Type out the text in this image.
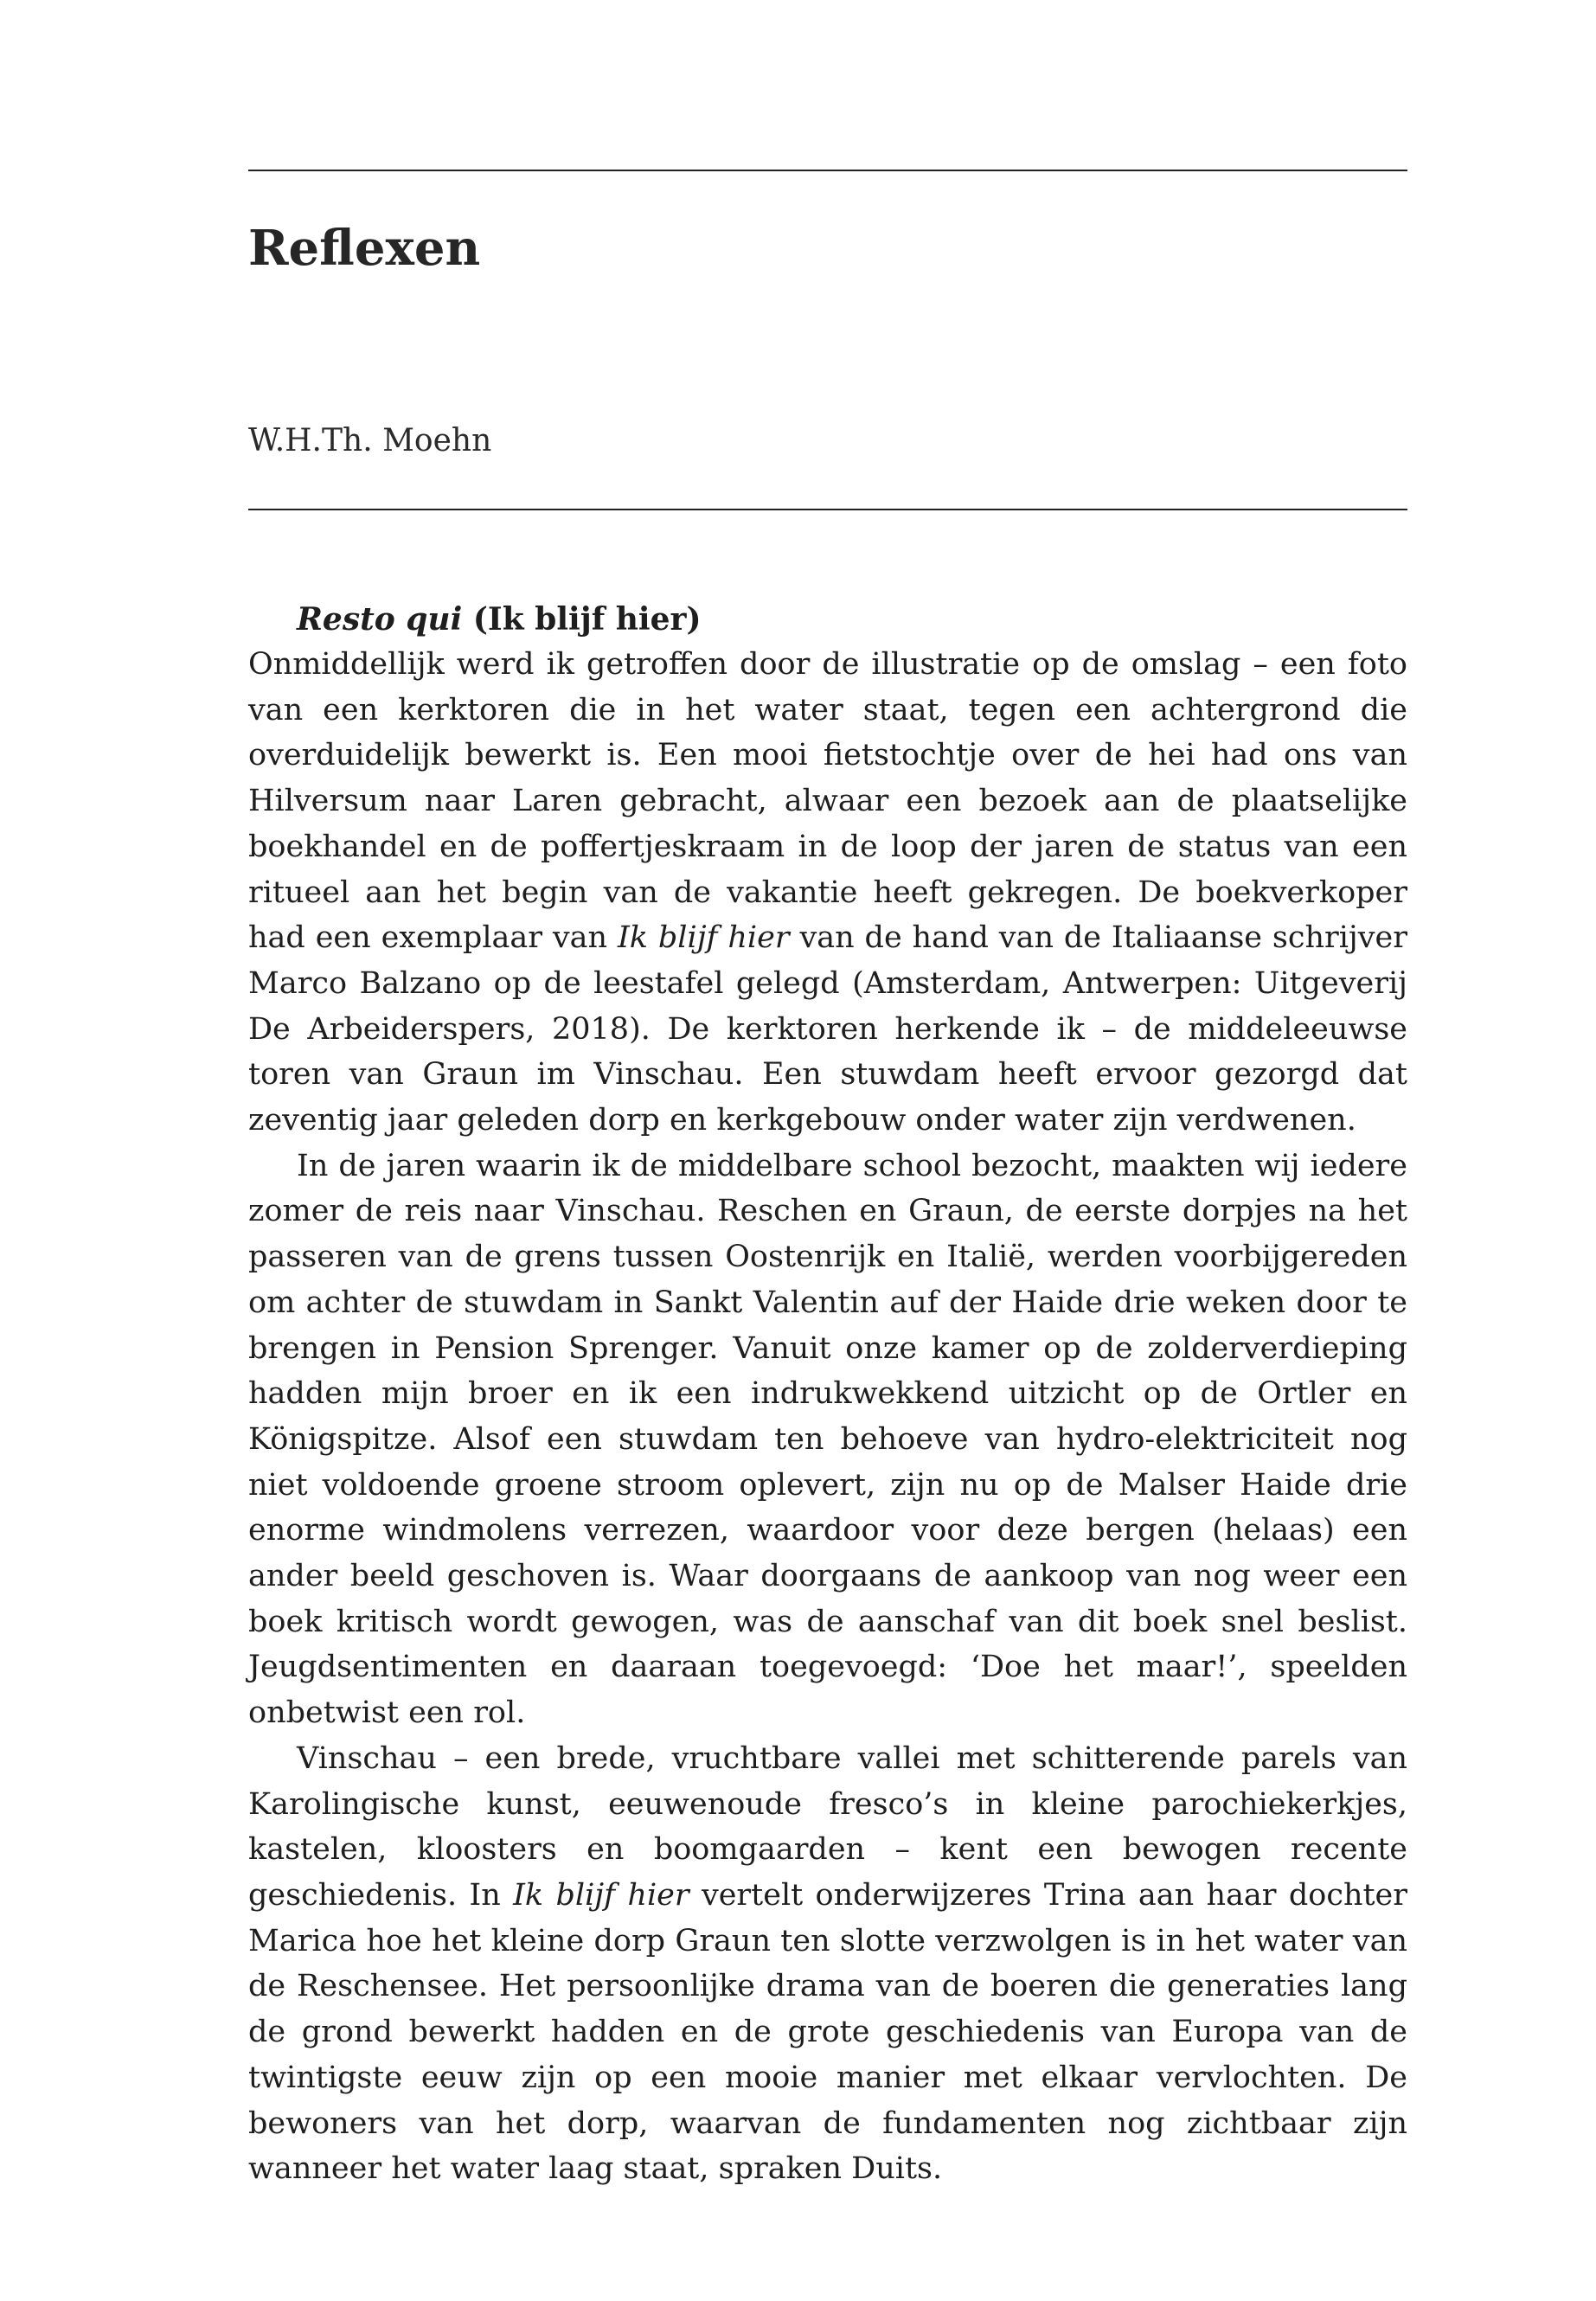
Reflexen
W.H.Th. Moehn
Resto qui (Ik blijf hier)

Onmiddellijk werd ik getroffen door de illustratie op de omslag – een foto van een kerktoren die in het water staat, tegen een achtergrond die overduidelijk bewerkt is. Een mooi fietstochtje over de hei had ons van Hilversum naar Laren gebracht, alwaar een bezoek aan de plaatselijke boekhandel en de poffertjeskraam in de loop der jaren de status van een ritueel aan het begin van de vakantie heeft gekregen. De boekverkoper had een exemplaar van Ik blijf hier van de hand van de Italiaanse schrijver Marco Balzano op de leestafel gelegd (Amsterdam, Antwerpen: Uitgeverij De Arbeiderspers, 2018). De kerktoren herkende ik – de middeleeuwse toren van Graun im Vinschau. Een stuwdam heeft ervoor gezorgd dat zeventig jaar geleden dorp en kerkgebouw onder water zijn verdwenen.

In de jaren waarin ik de middelbare school bezocht, maakten wij iedere zomer de reis naar Vinschau. Reschen en Graun, de eerste dorpjes na het passeren van de grens tussen Oostenrijk en Italië, werden voorbijgereden om achter de stuwdam in Sankt Valentin auf der Haide drie weken door te brengen in Pension Sprenger. Vanuit onze kamer op de zolderverdieping hadden mijn broer en ik een indrukwekkend uitzicht op de Ortler en Königspitze. Alsof een stuwdam ten behoeve van hydro-elektriciteit nog niet voldoende groene stroom oplevert, zijn nu op de Malser Haide drie enorme windmolens verrezen, waardoor voor deze bergen (helaas) een ander beeld geschoven is. Waar doorgaans de aankoop van nog weer een boek kritisch wordt gewogen, was de aanschaf van dit boek snel beslist. Jeugdsentimenten en daaraan toegevoegd: ‘Doe het maar!’, speelden onbetwist een rol.

Vinschau – een brede, vruchtbare vallei met schitterende parels van Karolingische kunst, eeuwenoude fresco’s in kleine parochiekerkjes, kastelen, kloosters en boomgaarden – kent een bewogen recente geschiedenis. In Ik blijf hier vertelt onderwijzeres Trina aan haar dochter Marica hoe het kleine dorp Graun ten slotte verzwolgen is in het water van de Reschensee. Het persoonlijke drama van de boeren die generaties lang de grond bewerkt hadden en de grote geschiedenis van Europa van de twintigste eeuw zijn op een mooie manier met elkaar vervlochten. De bewoners van het dorp, waarvan de fundamenten nog zichtbaar zijn wanneer het water laag staat, spraken Duits.
